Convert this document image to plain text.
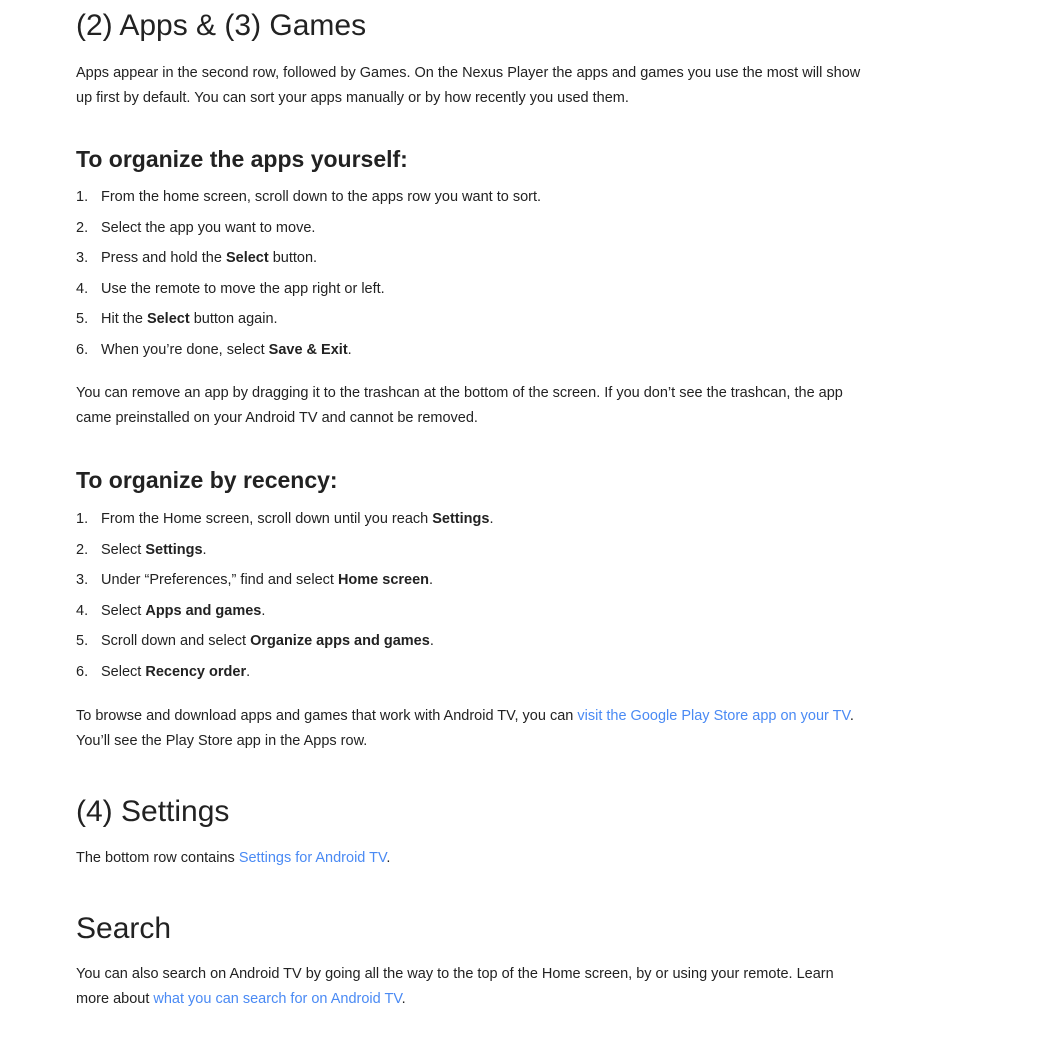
(2) Apps & (3) Games

Apps appear in the second row, followed by Games. On the Nexus Player the apps and games you use the most will show

up first by default. You can sort your apps manually or by how recently you used them.

To organize the apps yourself:
1. From the home screen, scroll down to the apps row you want to sort.
2. Select the app you want to move.
3. Press and hold the Select button.
4. Use the remote to move the app right or left.
5. Hit the Select button again.
6. When you’re done, select Save & Exit.

You can remove an app by dragging it to the trashcan at the bottom of the screen. If you don’t see the trashcan, the app

came preinstalled on your Android TV and cannot be removed.

To organize by recency:
1. From the Home screen, scroll down until you reach Settings.
2. Select Settings.
3. Under “Preferences,” find and select Home screen.
4. Select Apps and games.
5. Scroll down and select Organize apps and games.
6. Select Recency order.

To browse and download apps and games that work with Android TV, you can visit the Google Play Store app on your TV.

You’ll see the Play Store app in the Apps row.

(4) Settings

The bottom row contains Settings for Android TV.

Search

You can also search on Android TV by going all the way to the top of the Home screen, by or using your remote. Learn

more about what you can search for on Android TV.
